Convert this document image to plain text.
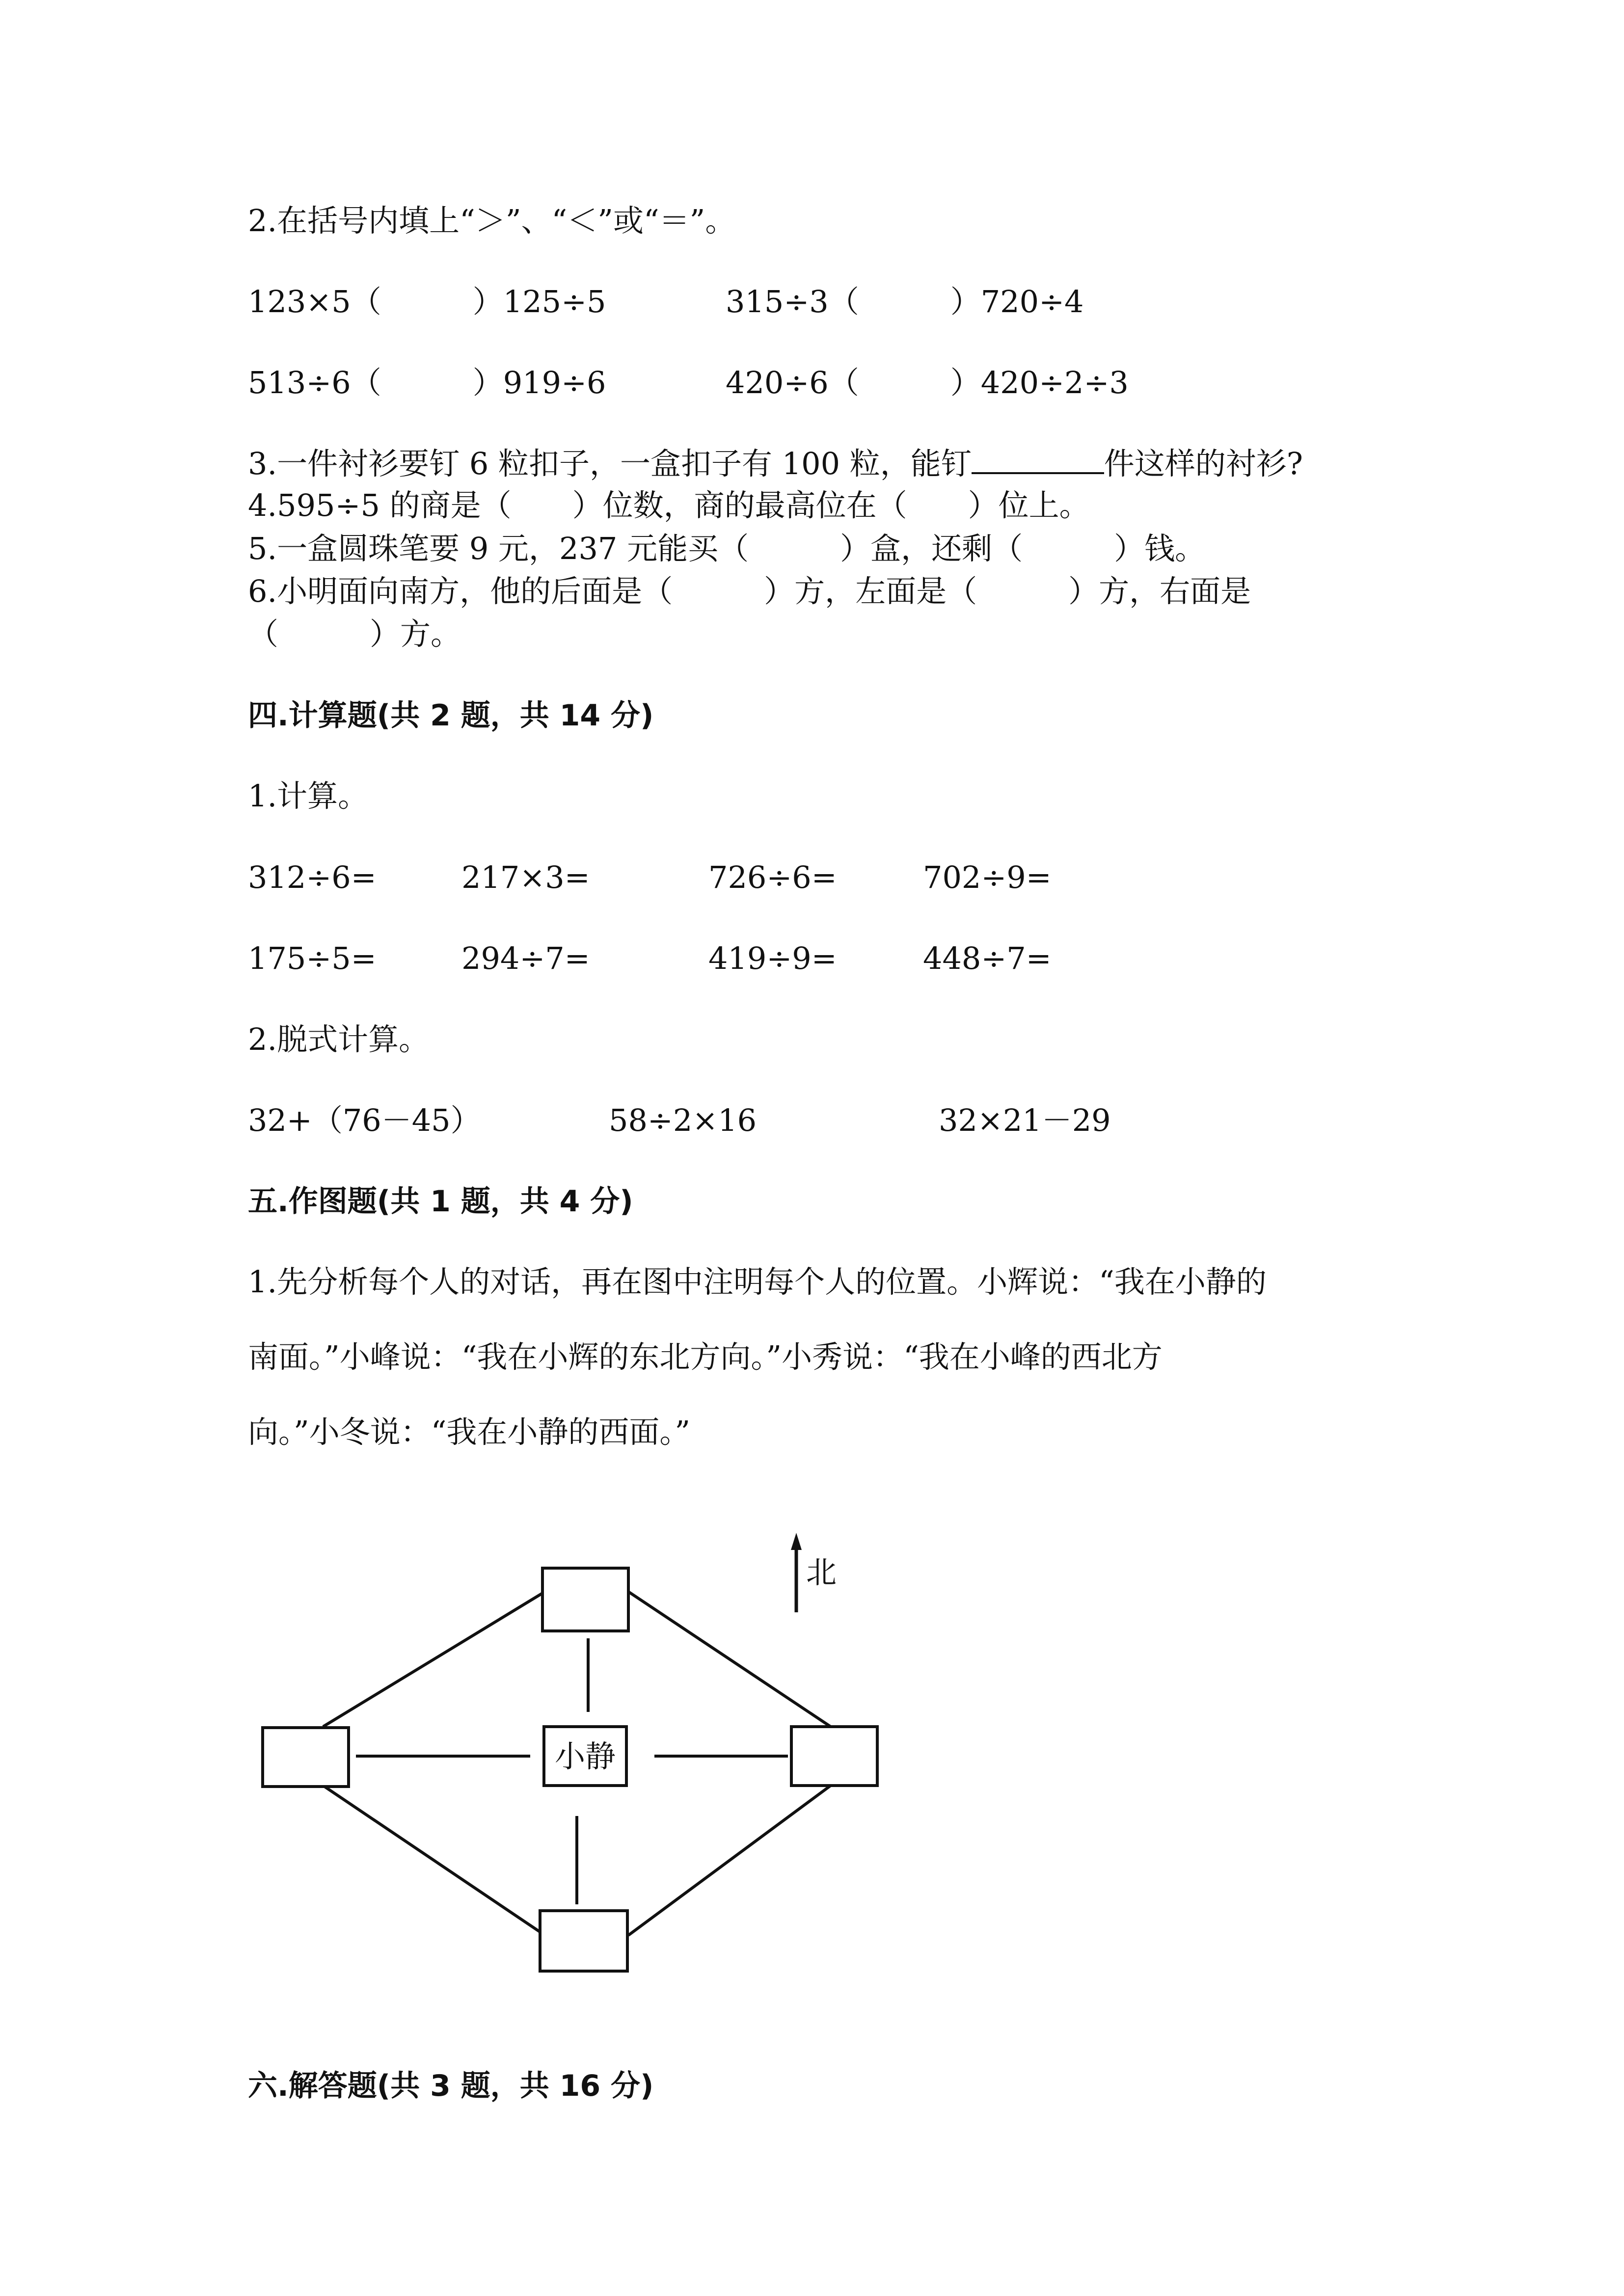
2.在括号内填上“＞”、“＜”或“＝”。
123×5（　　　）125÷5	315÷3（　　　）720÷4
513÷6（　　　）919÷6	420÷6（　　　）420÷2÷3
3.一件衬衫要钉 6 粒扣子，一盒扣子有 100 粒，能钉	件这样的衬衫?
4.595÷5 的商是（　　）位数，商的最高位在（　　）位上。
5.一盒圆珠笔要 9 元，237 元能买（　　　）盒，还剩（　　　）钱。
6.小明面向南方，他的后面是（　　　）方，左面是（　　　）方，右面是
（　　　）方。
四.计算题(共 2 题，共 14 分)
1.计算。
312÷6=	217×3=	726÷6=	702÷9=
175÷5=	294÷7=	419÷9=	448÷7=
2.脱式计算。
32+（76－45）	58÷2×16	32×21－29
五.作图题(共 1 题，共 4 分)
1.先分析每个人的对话，再在图中注明每个人的位置。小辉说：“我在小静的
南面。”小峰说：“我在小辉的东北方向。”小秀说：“我在小峰的西北方
向。”小冬说：“我在小静的西面。”
小静
北
六.解答题(共 3 题，共 16 分)
